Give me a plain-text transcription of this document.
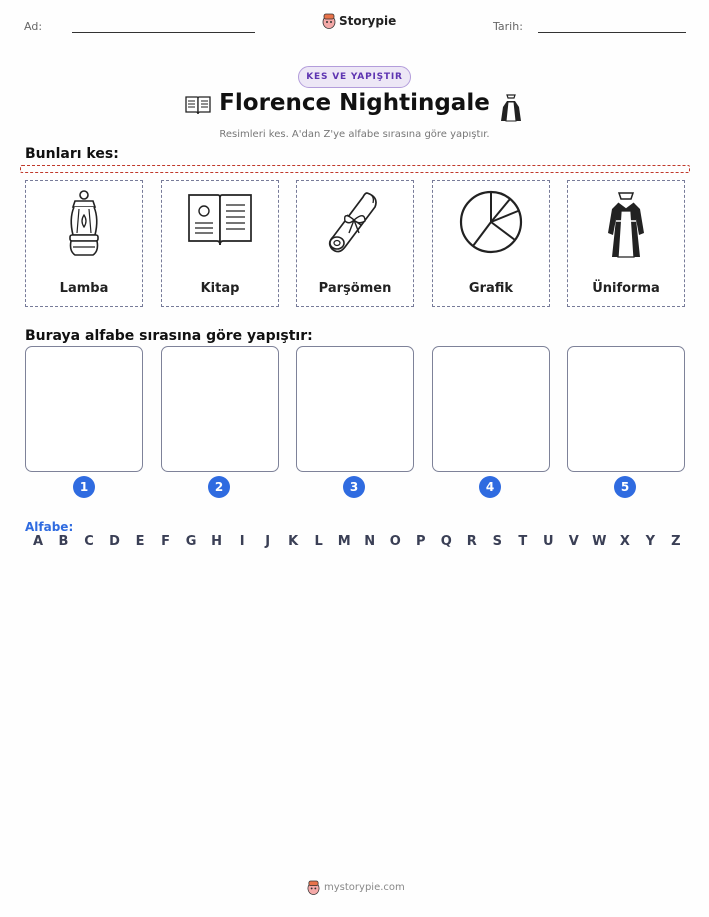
Ad:	Storypie	Tarih:
KES VE YAPIŞTIR
Florence Nightingale
Resimleri kes. A'dan Z'ye alfabe sırasına göre yapıştır.
Bunları kes:
Lamba	Kitap	Parşömen	Grafik	Üniforma
Buraya alfabe sırasına göre yapıştır:
1	2	3	4	5
Alfabe:
A B C D E F G H	I	J	K L M N O P Q R S T U V W X Y Z
mystorypie.com
